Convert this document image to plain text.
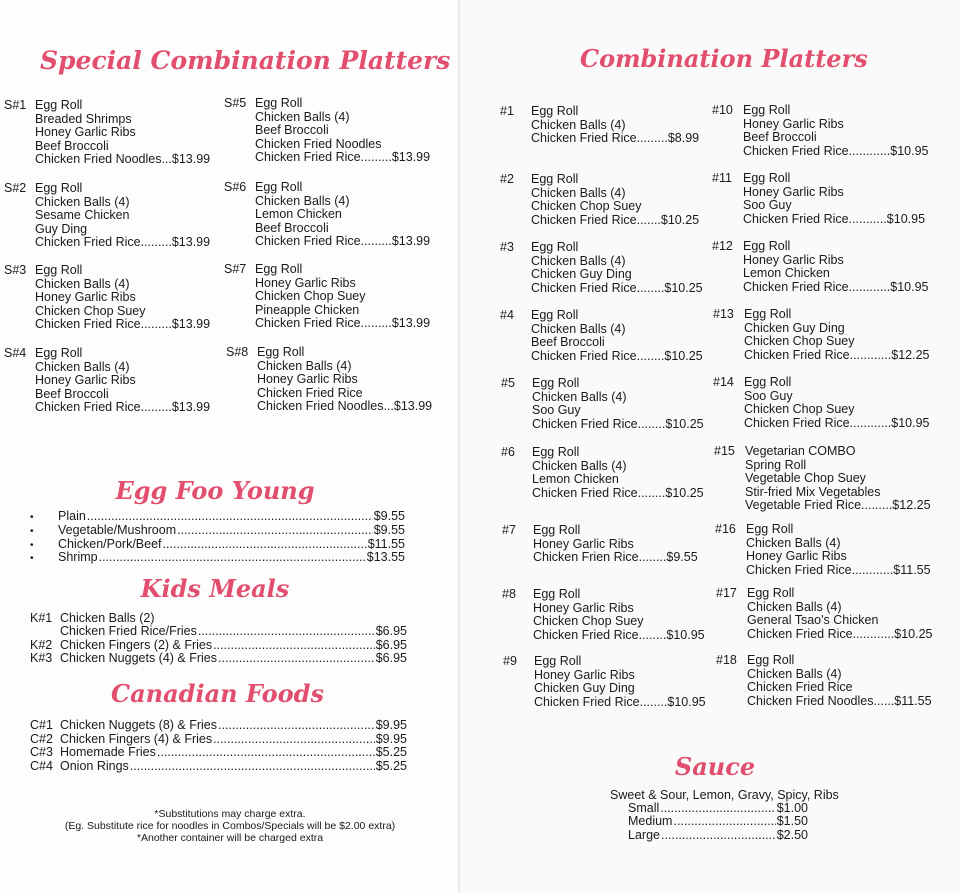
Special Combination Platters
S#1 Egg Roll
Breaded Shrimps
Honey Garlic Ribs
Beef Broccoli
Chicken Fried Noodles...$13.99
S#2 Egg Roll
Chicken Balls (4)
Sesame Chicken
Guy Ding
Chicken Fried Rice.........$13.99
S#3 Egg Roll
Chicken Balls (4)
Honey Garlic Ribs
Chicken Chop Suey
Chicken Fried Rice.........$13.99
S#4 Egg Roll
Chicken Balls (4)
Honey Garlic Ribs
Beef Broccoli
Chicken Fried Rice.........$13.99
S#5 Egg Roll
Chicken Balls (4)
Beef Broccoli
Chicken Fried Noodles
Chicken Fried Rice.........$13.99
S#6 Egg Roll
Chicken Balls (4)
Lemon Chicken
Beef Broccoli
Chicken Fried Rice.........$13.99
S#7 Egg Roll
Honey Garlic Ribs
Chicken Chop Suey
Pineapple Chicken
Chicken Fried Rice.........$13.99
S#8 Egg Roll
Chicken Balls (4)
Honey Garlic Ribs
Chicken Fried Rice
Chicken Fried Noodles...$13.99
Egg Foo Young
•	Plain .....	$9.55
•	Vegetable/Mushroom .....	$9.55
•	Chicken/Pork/Beef .....	$11.55
•	Shrimp .....	$13.55
Kids Meals
K#1 Chicken Balls (2)
Chicken Fried Rice/Fries .....	$6.95
K#2 Chicken Fingers (2) & Fries .....	$6.95
K#3 Chicken Nuggets (4) & Fries .....	$6.95
Canadian Foods
C#1 Chicken Nuggets (8) & Fries .....	$9.95
C#2 Chicken Fingers (4) & Fries .....	$9.95
C#3 Homemade Fries .....	$5.25
C#4 Onion Rings .....	$5.25
*Substitutions may charge extra.
(Eg. Substitute rice for noodles in Combos/Specials will be $2.00 extra)
*Another container will be charged extra
Combination Platters
#1 Egg Roll
Chicken Balls (4)
Chicken Fried Rice.........$8.99
#2 Egg Roll
Chicken Balls (4)
Chicken Chop Suey
Chicken Fried Rice.......$10.25
#3 Egg Roll
Chicken Balls (4)
Chicken Guy Ding
Chicken Fried Rice........$10.25
#4 Egg Roll
Chicken Balls (4)
Beef Broccoli
Chicken Fried Rice........$10.25
#5 Egg Roll
Chicken Balls (4)
Soo Guy
Chicken Fried Rice........$10.25
#6 Egg Roll
Chicken Balls (4)
Lemon Chicken
Chicken Fried Rice........$10.25
#7 Egg Roll
Honey Garlic Ribs
Chicken Frien Rice........$9.55
#8 Egg Roll
Honey Garlic Ribs
Chicken Chop Suey
Chicken Fried Rice........$10.95
#9 Egg Roll
Honey Garlic Ribs
Chicken Guy Ding
Chicken Fried Rice........$10.95
#10 Egg Roll
Honey Garlic Ribs
Beef Broccoli
Chicken Fried Rice............$10.95
#11 Egg Roll
Honey Garlic Ribs
Soo Guy
Chicken Fried Rice...........$10.95
#12 Egg Roll
Honey Garlic Ribs
Lemon Chicken
Chicken Fried Rice............$10.95
#13 Egg Roll
Chicken Guy Ding
Chicken Chop Suey
Chicken Fried Rice............$12.25
#14 Egg Roll
Soo Guy
Chicken Chop Suey
Chicken Fried Rice............$10.95
#15 Vegetarian COMBO
Spring Roll
Vegetable Chop Suey
Stir-fried Mix Vegetables
Vegetable Fried Rice.........$12.25
#16 Egg Roll
Chicken Balls (4)
Honey Garlic Ribs
Chicken Fried Rice............$11.55
#17 Egg Roll
Chicken Balls (4)
General Tsao's Chicken
Chicken Fried Rice............$10.25
#18 Egg Roll
Chicken Balls (4)
Chicken Fried Rice
Chicken Fried Noodles......$11.55
Sauce
Sweet & Sour, Lemon, Gravy, Spicy, Ribs
Small .....	$1.00
Medium .....	$1.50
Large .....	$2.50
